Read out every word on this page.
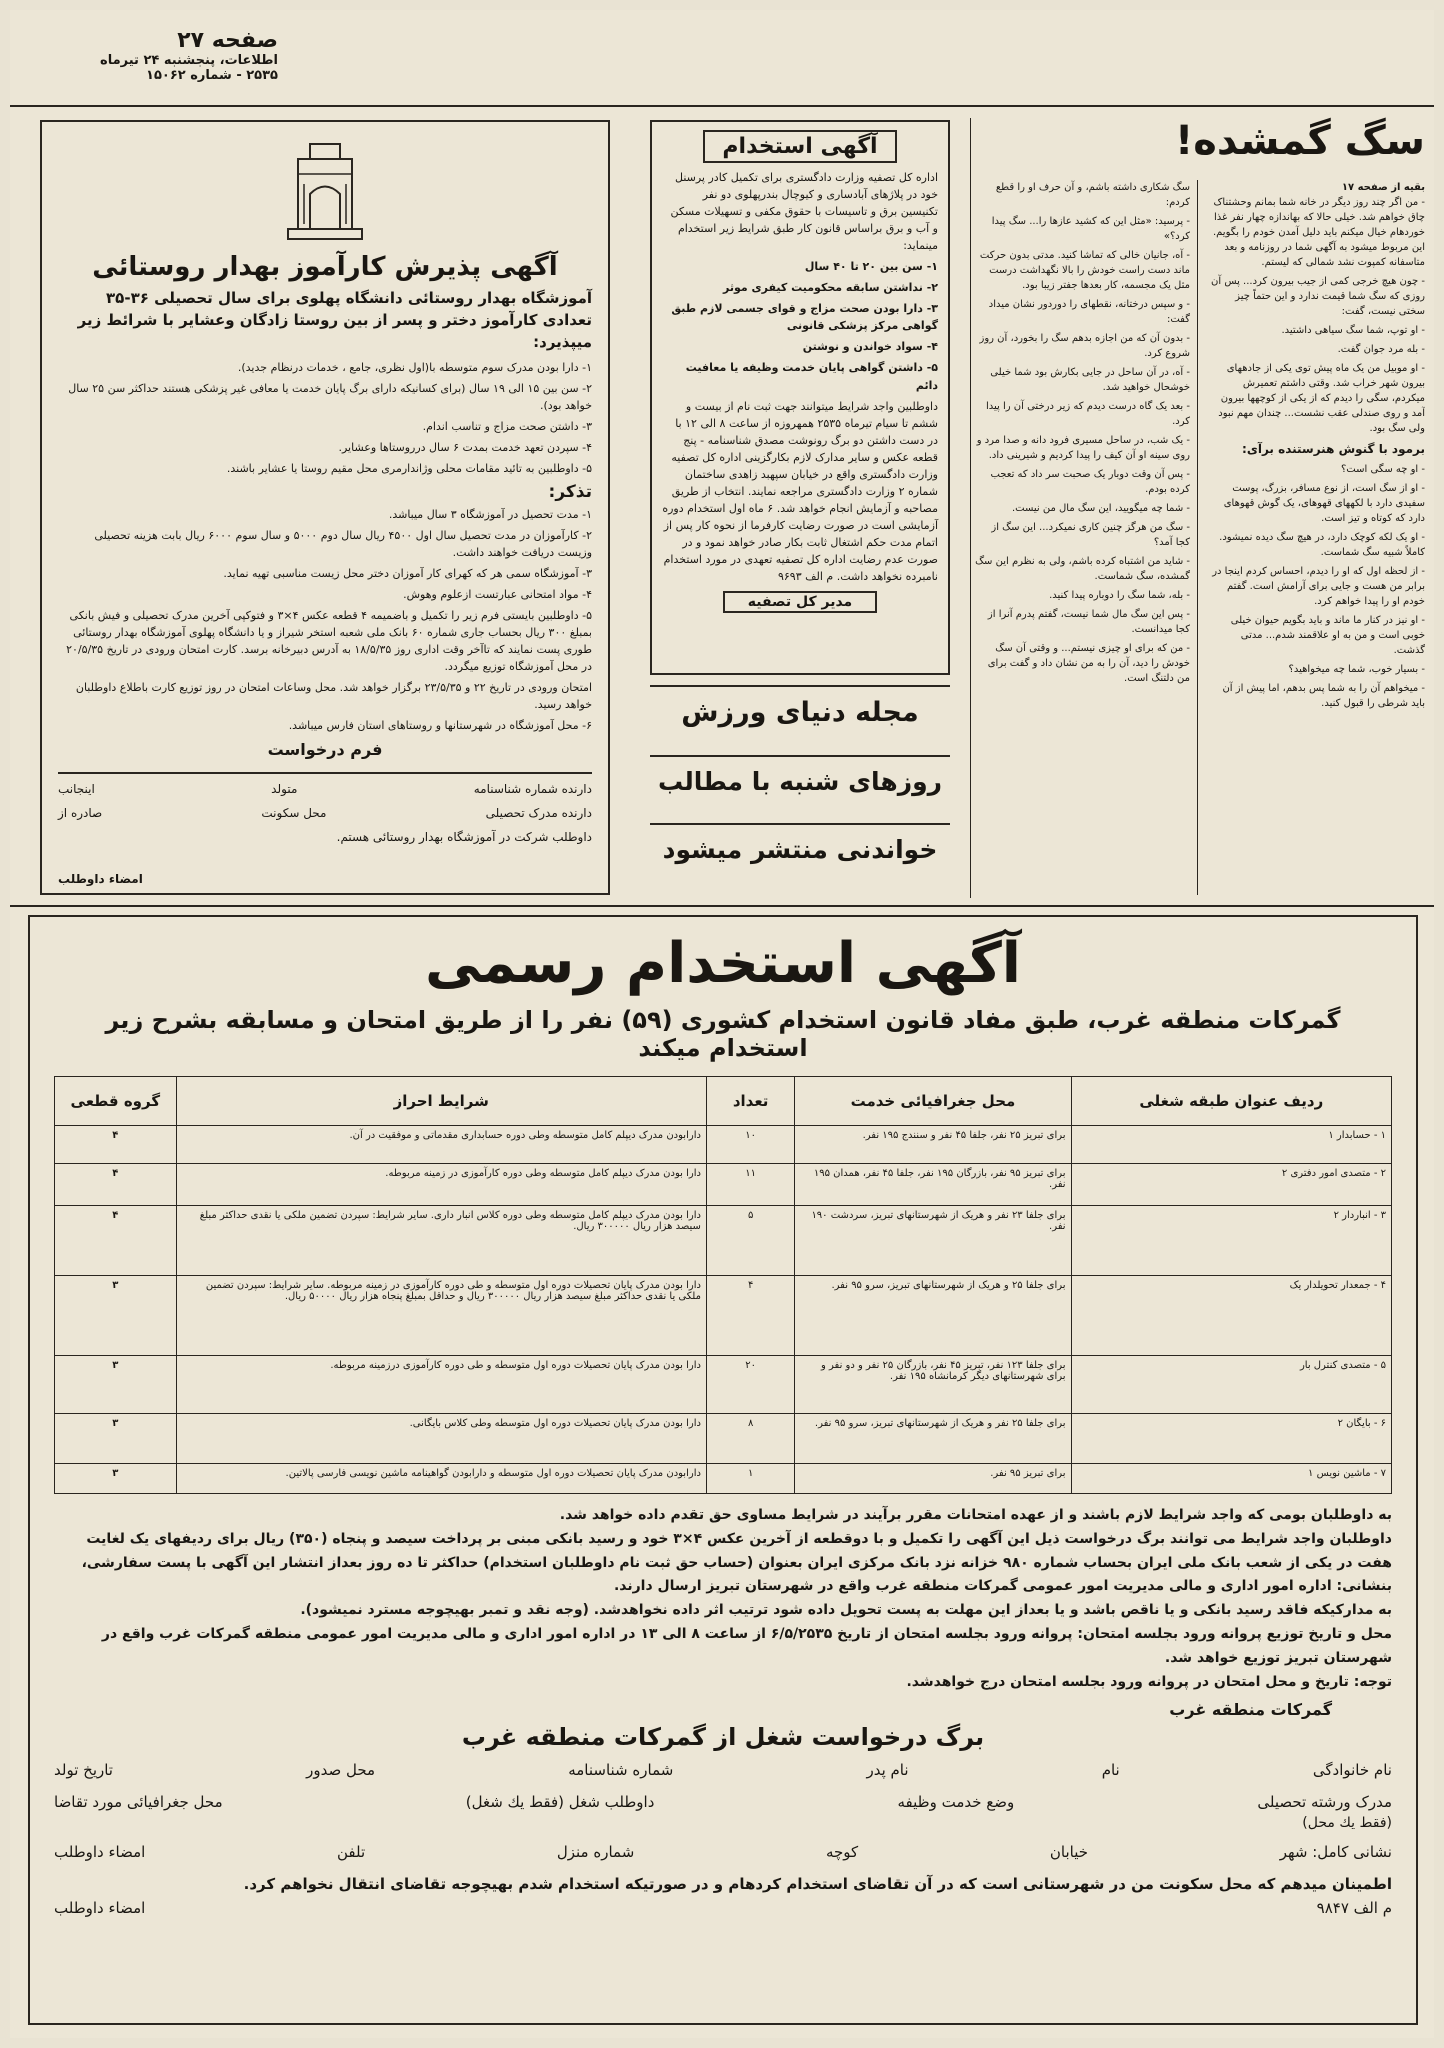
صفحه ۲۷
اطلاعات، پنجشنبه ۲۴ تیرماه
۲۵۳۵ - شماره ۱۵۰۶۲
آگهی پذیرش کارآموز بهدار روستائی
آموزشگاه بهدار روستائی دانشگاه پهلوی برای سال تحصیلی ۳۶-۳۵ تعدادی کارآموز دختر و پسر از بین روستا زادگان وعشایر با شرائط زیر میپذیرد:
۱- دارا بودن مدرک سوم متوسطه با(اول نظری، جامع ، خدمات درنظام جدید).
۲- سن بین ۱۵ الی ۱۹ سال (برای کسانیکه دارای برگ پایان خدمت یا معافی غیر پزشکی هستند حداکثر سن ۲۵ سال خواهد بود).
۳- داشتن صحت مزاج و تناسب اندام.
۴- سپردن تعهد خدمت بمدت ۶ سال درروستاها وعشایر.
۵- داوطلبین به تائید مقامات محلی وژاندارمری محل مقیم روستا یا عشایر باشند.
تذکر:
۱- مدت تحصیل در آموزشگاه ۳ سال میباشد.
۲- کارآموزان در مدت تحصیل سال اول ۴۵۰۰ ریال سال دوم ۵۰۰۰ و سال سوم ۶۰۰۰ ریال بابت هزینه تحصیلی وزیست دریافت خواهند داشت.
۳- آموزشگاه سمی هر که کهرای کار آموزان دختر محل زیست مناسبی تهیه نماید.
۴- مواد امتحانی عبارتست ازعلوم وهوش.
۵- داوطلبین بایستی فرم زیر را تکمیل و باضمیمه ۴ قطعه عکس ۴×۳ و فتوکپی آخرین مدرک تحصیلی و فیش بانکی بمبلغ ۳۰۰ ریال بحساب جاری شماره ۶۰ بانک ملی شعبه استخر شیراز و یا دانشگاه پهلوی آموزشگاه بهدار روستائی طوری پست نمایند که تاآخر وقت اداری روز ۱۸/۵/۳۵ به آدرس دبیرخانه برسد. کارت امتحان ورودی در تاریخ ۲۰/۵/۳۵ در محل آموزشگاه توزیع میگردد.
امتحان ورودی در تاریخ ۲۲ و ۲۳/۵/۳۵ برگزار خواهد شد. محل وساعات امتحان در روز توزیع کارت باطلاع داوطلبان خواهد رسید.
۶- محل آموزشگاه در شهرستانها و روستاهای استان فارس میباشد.
فرم درخواست
اینجانب	متولد	دارنده شماره شناسنامه
صادره از	محل سکونت	دارنده مدرک تحصیلی
داوطلب شرکت در آموزشگاه بهدار روستائی هستم.
امضاء داوطلب
آگهی استخدام
اداره کل تصفیه وزارت دادگستری برای تکمیل کادر پرسنل خود در پلاژهای آبادساری و کیوچال بندرپهلوی دو نفر تکنیسین برق و تاسیسات با حقوق مکفی و تسهیلات مسکن و آب و برق براساس قانون کار طبق شرایط زیر استخدام مینماید:
۱- سن بین ۲۰ تا ۴۰ سال
۲- نداشتن سابقه محکومیت کیفری موثر
۳- دارا بودن صحت مزاج و قوای جسمی لازم طبق گواهی مرکز پزشکی قانونی
۴- سواد خواندن و نوشتن
۵- داشتن گواهی پایان خدمت وظیفه یا معافیت دائم
داوطلبین واجد شرایط میتوانند جهت ثبت نام از بیست و ششم تا سیام تیرماه ۲۵۳۵ همهروزه از ساعت ۸ الی ۱۲ با در دست داشتن دو برگ رونوشت مصدق شناسنامه - پنج قطعه عکس و سایر مدارک لازم بکارگزینی اداره کل تصفیه وزارت دادگستری واقع در خیابان سپهبد زاهدی ساختمان شماره ۲ وزارت دادگستری مراجعه نمایند. انتخاب از طریق مصاحبه و آزمایش انجام خواهد شد. ۶ ماه اول استخدام دوره آزمایشی است در صورت رضایت کارفرما از نحوه کار پس از اتمام مدت حکم اشتغال ثابت بکار صادر خواهد نمود و در صورت عدم رضایت اداره کل تصفیه تعهدی در مورد استخدام نامبرده نخواهد داشت. م الف ۹۶۹۳
مدیر کل تصفیه
مجله دنیای ورزش
روزهای شنبه با مطالب
خواندنی منتشر میشود
سگ گمشده!
بقیه از صفحه ۱۷
- من اگر چند روز دیگر در خانه شما بمانم وحشتناک چاق خواهم شد. خیلی حالا که بهاندازه چهار نفر غذا خوردهام خیال میکنم باید دلیل آمدن خودم را بگویم. این مربوط میشود به آگهی شما در روزنامه و بعد متاسفانه کمپوت نشد شمالی که لیستم.
- چون هیچ خرجی کمی از جیب بیرون کرد... پس آن روزی که سگ شما قیمت ندارد و این حتماً چیز سختی نیست، گفت:
- او توپ، شما سگ سیاهی داشتید.
- بله مرد جوان گفت.
- او موبیل من یک ماه پیش توی یکی از جادههای بیرون شهر خراب شد. وقتی داشتم تعمیرش میکردم، سگی را دیدم که از یکی از کوچهها بیرون آمد و روی صندلی عقب نشست... چندان مهم نبود ولی سگ بود.
برمود با گنوش هنرستنده برآی:
- او چه سگی است؟
- او از سگ است، از نوع مسافر، بزرگ، پوست سفیدی دارد با لکههای قهوهای، یک گوش قهوهای دارد که کوتاه و تیز است.
- او یک لکه کوچک دارد، در هیچ سگ دیده نمیشود. کاملاً شبیه سگ شماست.
- از لحظه اول که او را دیدم، احساس کردم اینجا در برابر من هست و جایی برای آرامش است. گفتم خودم او را پیدا خواهم کرد.
- او نیز در کنار ما ماند و باید بگویم حیوان خیلی خوبی است و من به او علاقمند شدم... مدتی گذشت.
- بسیار خوب، شما چه میخواهید؟
- میخواهم آن را به شما پس بدهم، اما پیش از آن باید شرطی را قبول کنید.
سگ شکاری داشته باشم، و آن حرف او را قطع کردم:
- پرسید: «مثل این که کشید عازها را... سگ پیدا کرد؟»
- آه، جانیان خالی که تماشا کنید. مدتی بدون حرکت ماند دست راست خودش را بالا نگهداشت درست مثل یک مجسمه، کار بعدها جفتر زیبا بود.
- و سپس درختانه، نقطهای را دوردور نشان میداد گفت:
- بدون آن که من اجازه بدهم سگ را بخورد، آن روز شروع کرد.
- آه، در آن ساحل در جایی بکارش بود شما خیلی خوشحال خواهید شد.
- بعد یک گاه درست دیدم که زیر درختی آن را پیدا کرد.
- یک شب، در ساحل مسیری فرود دانه و صدا مرد و روی سینه او آن کیف را پیدا کردیم و شیرینی داد.
- پس آن وقت دوبار یک صحبت سر داد که تعجب کرده بودم.
- شما چه میگویید، این سگ مال من نیست.
- سگ من هرگز چنین کاری نمیکرد... این سگ از کجا آمد؟
- شاید من اشتباه کرده باشم، ولی به نظرم این سگ گمشده، سگ شماست.
- بله، شما سگ را دوباره پیدا کنید.
- پس این سگ مال شما نیست، گفتم پدرم آنرا از کجا میدانست.
- من که برای او چیزی نیستم... و وقتی آن سگ خودش را دید، آن را به من نشان داد و گفت برای من دلتنگ است.
آگهی استخدام رسمی
گمرکات منطقه غرب، طبق مفاد قانون استخدام کشوری (۵۹) نفر را از طریق امتحان و مسابقه بشرح زیر استخدام میکند
ردیف عنوان طبقه شغلی	محل جغرافیائی خدمت	تعداد	شرایط احراز	گروه قطعی
۱ - حسابدار ۱	برای تبریز ۲۵ نفر، جلفا ۴۵ نفر و سنندج ۱۹۵ نفر.	۱۰	دارابودن مدرک دیپلم کامل متوسطه وطی دوره حسابداری مقدماتی و موفقیت در آن.	۴
۲ - متصدی امور دفتری ۲	برای تبریز ۹۵ نفر، بازرگان ۱۹۵ نفر، جلفا ۴۵ نفر، همدان ۱۹۵ نفر.	۱۱	دارا بودن مدرک دیپلم کامل متوسطه وطی دوره کارآموزی در زمینه مربوطه.	۴
۳ - انباردار ۲	برای جلفا ۲۳ نفر و هریک از شهرستانهای تبریز، سردشت ۱۹۰ نفر.	۵	دارا بودن مدرک دیپلم کامل متوسطه وطی دوره کلاس انبار داری. سایر شرایط: سپردن تضمین ملکی یا نقدی حداکثر مبلغ سیصد هزار ریال ۳۰۰۰۰۰ ریال.	۴
۴ - جمعدار تحویلدار یک	برای جلفا ۲۵ و هریک از شهرستانهای تبریز، سرو ۹۵ نفر.	۴	دارا بودن مدرک پایان تحصیلات دوره اول متوسطه و طی دوره کارآموزی در زمینه مربوطه. سایر شرایط: سپردن تضمین ملکی یا نقدی حداکثر مبلغ سیصد هزار ریال ۳۰۰۰۰۰ ریال و حداقل بمبلغ پنجاه هزار ریال ۵۰۰۰۰ ریال.	۳
۵ - متصدی کنترل بار	برای جلفا ۱۲۳ نفر، تبریز ۴۵ نفر، بازرگان ۲۵ نفر و دو نفر و برای شهرستانهای دیگر کرمانشاه ۱۹۵ نفر.	۲۰	دارا بودن مدرک پایان تحصیلات دوره اول متوسطه و طی دوره کارآموزی درزمینه مربوطه.	۳
۶ - بایگان ۲	برای جلفا ۲۵ نفر و هریک از شهرستانهای تبریز، سرو ۹۵ نفر.	۸	دارا بودن مدرک پایان تحصیلات دوره اول متوسطه وطی کلاس بایگانی.	۳
۷ - ماشین نویس ۱	برای تبریز ۹۵ نفر.	۱	دارابودن مدرک پایان تحصیلات دوره اول متوسطه و دارابودن گواهینامه ماشین نویسی فارسی پالاتین.	۳
به داوطلبان بومی که واجد شرایط لازم باشند و از عهده امتحانات مقرر برآیند در شرایط مساوی حق تقدم داده خواهد شد.
داوطلبان واجد شرایط می توانند برگ درخواست ذیل این آگهی را تکمیل و با دوقطعه از آخرین عکس ۴×۳ خود و رسید بانکی مبنی بر پرداخت سیصد و پنجاه (۳۵۰) ریال برای ردیفهای یک لغایت هفت در یکی از شعب بانک ملی ایران بحساب شماره ۹۸۰ خزانه نزد بانک مرکزی ایران بعنوان (حساب حق ثبت نام داوطلبان استخدام) حداکثر تا ده روز بعداز انتشار این آگهی با پست سفارشی، بنشانی: اداره امور اداری و مالی مدیریت امور عمومی گمرکات منطقه غرب واقع در شهرستان تبریز ارسال دارند.
به مدارکیکه فاقد رسید بانکی و یا ناقص باشد و یا بعداز این مهلت به پست تحویل داده شود ترتیب اثر داده نخواهدشد. (وجه نقد و تمبر بهیچوجه مسترد نمیشود).
محل و تاریخ توزیع پروانه ورود بجلسه امتحان: پروانه ورود بجلسه امتحان از تاریخ ۶/۵/۲۵۳۵ از ساعت ۸ الی ۱۳ در اداره امور اداری و مالی مدیریت امور عمومی منطقه گمرکات غرب واقع در شهرستان تبریز توزیع خواهد شد.
توجه: تاریخ و محل امتحان در پروانه ورود بجلسه امتحان درج خواهدشد.
گمرکات منطقه غرب
برگ درخواست شغل از گمرکات منطقه غرب
نام خانوادگی
نام
نام پدر
شماره شناسنامه
محل صدور
تاریخ تولد
مدرک ورشته تحصیلی
وضع خدمت وظیفه
داوطلب شغل (فقط یك شغل)
محل جغرافیائی مورد تقاضا
(فقط یك محل)
نشانی کامل: شهر
خیابان
کوچه
شماره منزل
تلفن
امضاء داوطلب
اطمینان میدهم که محل سکونت من در شهرستانی است که در آن تقاضای استخدام کردهام و در صورتیکه استخدام شدم بهیچوجه تقاضای انتقال نخواهم کرد.
م الف ۹۸۴۷
امضاء داوطلب
